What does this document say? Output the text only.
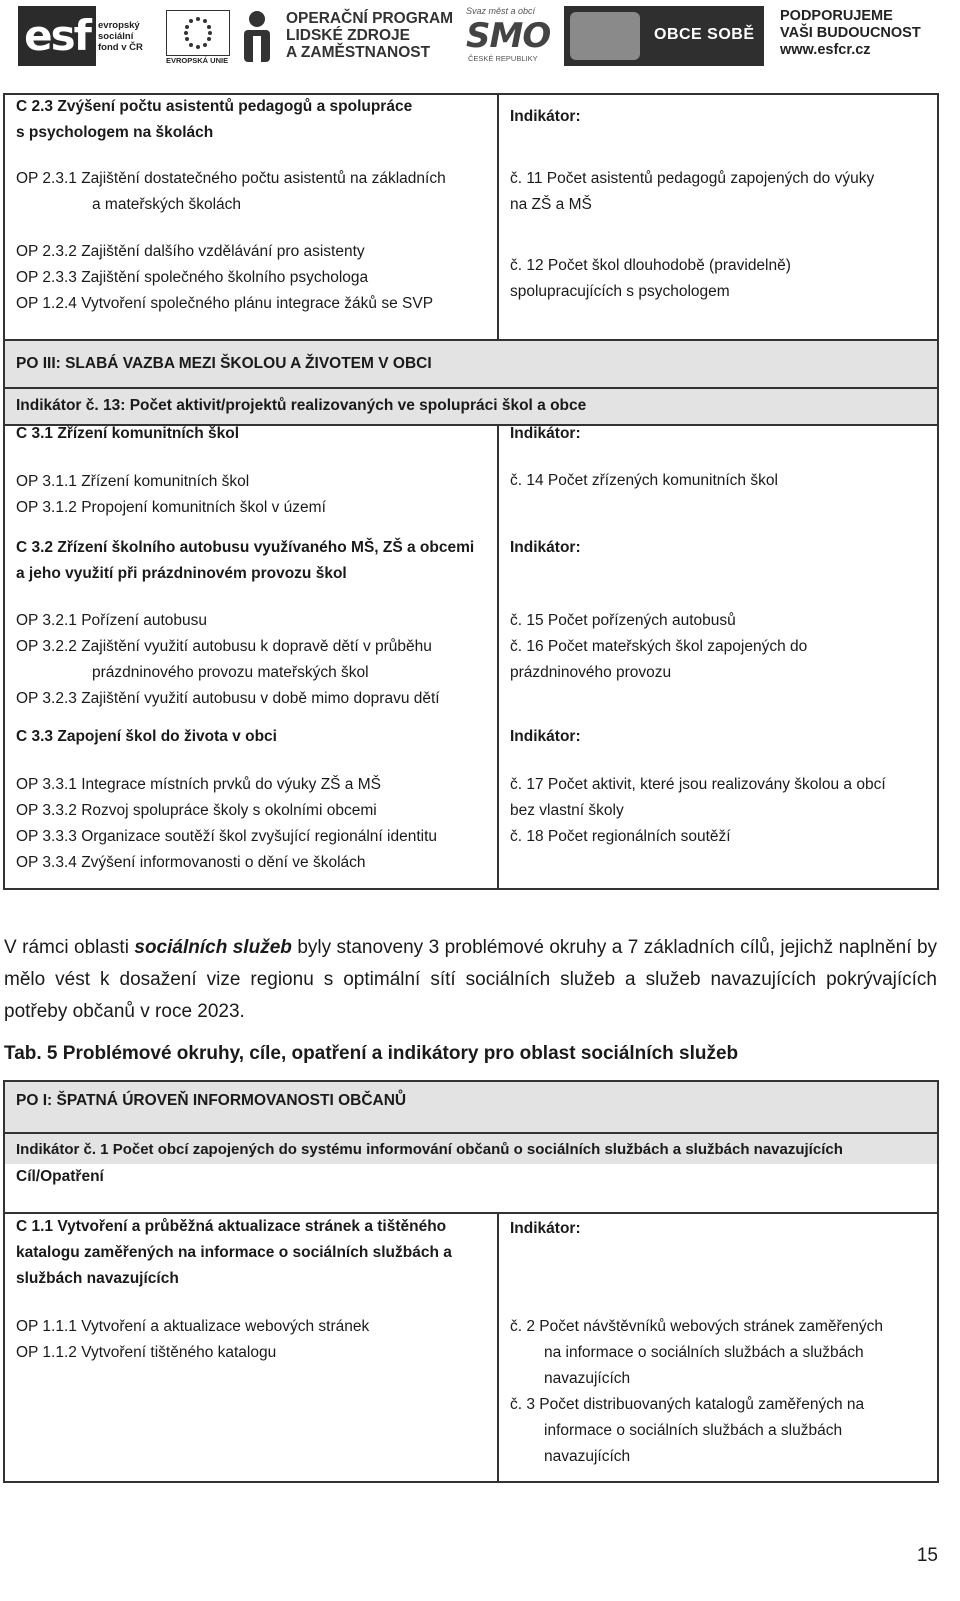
esf evropský
sociální
fond v ČR
EVROPSKÁ UNIE
OPERAČNÍ PROGRAM
LIDSKÉ ZDROJE
A ZAMĚSTNANOST
Svaz měst a obcí
SMO
ČESKÉ REPUBLIKY
OBCE SOBĚ
PODPORUJEME
VAŠI BUDOUCNOST
www.esfcr.cz
C 2.3 Zvýšení počtu asistentů pedagogů a spolupráce
s psychologem na školách
Indikátor:
OP 2.3.1 Zajištění dostatečného počtu asistentů na základních
a mateřských školách
č. 11 Počet asistentů pedagogů zapojených do výuky
na ZŠ a MŠ
OP 2.3.2 Zajištění dalšího vzdělávání pro asistenty
OP 2.3.3 Zajištění společného školního psychologa
OP 1.2.4 Vytvoření společného plánu integrace žáků se SVP
č. 12 Počet škol dlouhodobě (pravidelně)
spolupracujících s psychologem
PO III: SLABÁ VAZBA MEZI ŠKOLOU A ŽIVOTEM V OBCI
Indikátor č. 13: Počet aktivit/projektů realizovaných ve spolupráci škol a obce
C 3.1 Zřízení komunitních škol	Indikátor:
OP 3.1.1 Zřízení komunitních škol
OP 3.1.2 Propojení komunitních škol v území
č. 14 Počet zřízených komunitních škol
C 3.2 Zřízení školního autobusu využívaného MŠ, ZŠ a obcemi
a jeho využití při prázdninovém provozu škol
Indikátor:
OP 3.2.1 Pořízení autobusu
OP 3.2.2 Zajištění využití autobusu k dopravě dětí v průběhu
prázdninového provozu mateřských škol
OP 3.2.3 Zajištění využití autobusu v době mimo dopravu dětí
č. 15 Počet pořízených autobusů
č. 16 Počet mateřských škol zapojených do
prázdninového provozu
C 3.3 Zapojení škol do života v obci	Indikátor:
OP 3.3.1 Integrace místních prvků do výuky ZŠ a MŠ
OP 3.3.2 Rozvoj spolupráce školy s okolními obcemi
OP 3.3.3 Organizace soutěží škol zvyšující regionální identitu
OP 3.3.4 Zvýšení informovanosti o dění ve školách
č. 17 Počet aktivit, které jsou realizovány školou a obcí
bez vlastní školy
č. 18 Počet regionálních soutěží
V rámci oblasti sociálních služeb byly stanoveny 3 problémové okruhy a 7 základních cílů, jejichž naplnění by mělo vést k dosažení vize regionu s optimální sítí sociálních služeb a služeb navazujících pokrývajících potřeby občanů v roce 2023.
Tab. 5 Problémové okruhy, cíle, opatření a indikátory pro oblast sociálních služeb
PO I: ŠPATNÁ ÚROVEŇ INFORMOVANOSTI OBČANŮ
Indikátor č. 1 Počet obcí zapojených do systému informování občanů o sociálních službách a službách navazujících
Cíl/Opatření
C 1.1 Vytvoření a průběžná aktualizace stránek a tištěného
katalogu zaměřených na informace o sociálních službách a
službách navazujících
Indikátor:
OP 1.1.1 Vytvoření a aktualizace webových stránek
OP 1.1.2 Vytvoření tištěného katalogu
č. 2 Počet návštěvníků webových stránek zaměřených
na informace o sociálních službách a službách
navazujících
č. 3 Počet distribuovaných katalogů zaměřených na
informace o sociálních službách a službách
navazujících
15
